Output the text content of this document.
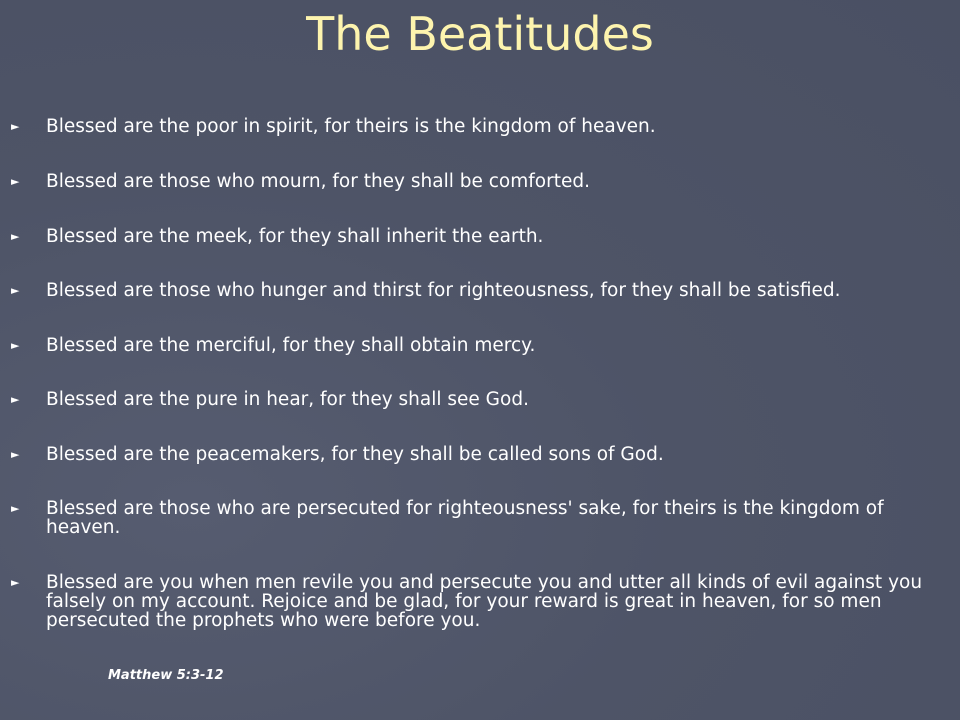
The Beatitudes
► Blessed are the poor in spirit, for theirs is the kingdom of heaven.
► Blessed are those who mourn, for they shall be comforted.
► Blessed are the meek, for they shall inherit the earth.
► Blessed are those who hunger and thirst for righteousness, for they shall be satisfied.
► Blessed are the merciful, for they shall obtain mercy.
► Blessed are the pure in hear, for they shall see God.
► Blessed are the peacemakers, for they shall be called sons of God.
► Blessed are those who are persecuted for righteousness' sake, for theirs is the kingdom of heaven.
► Blessed are you when men revile you and persecute you and utter all kinds of evil against you falsely on my account. Rejoice and be glad, for your reward is great in heaven, for so men persecuted the prophets who were before you.
Matthew 5:3-12
